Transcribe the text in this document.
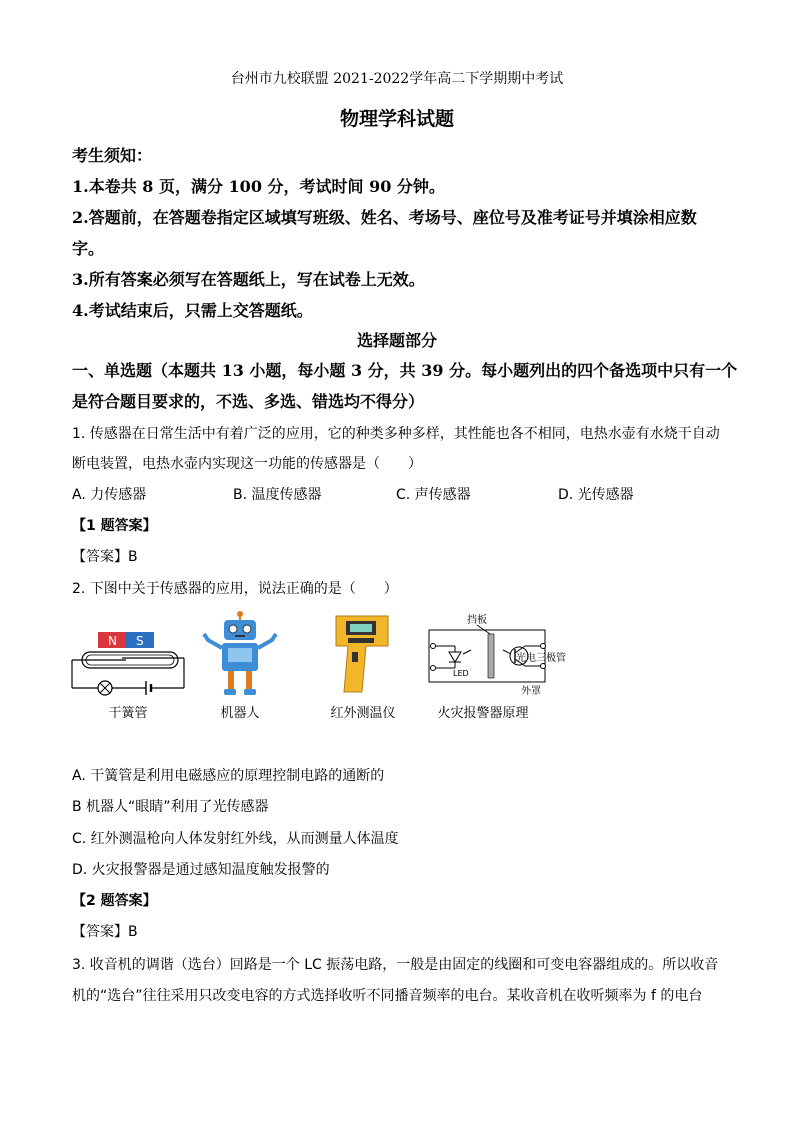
台州市九校联盟 2021-2022学年高二下学期期中考试
物理学科试题
考生须知：
1.本卷共 8 页，满分 100 分，考试时间 90 分钟。
2.答题前，在答题卷指定区域填写班级、姓名、考场号、座位号及准考证号并填涂相应数
字。
3.所有答案必须写在答题纸上，写在试卷上无效。
4.考试结束后，只需上交答题纸。
选择题部分
一、单选题（本题共 13 小题，每小题 3 分，共 39 分。每小题列出的四个备选项中只有一个
是符合题目要求的，不选、多选、错选均不得分）
1. 传感器在日常生活中有着广泛的应用，它的种类多种多样，其性能也各不相同，电热水壶有水烧干自动
断电装置，电热水壶内实现这一功能的传感器是（　　）
A. 力传感器	B. 温度传感器	C. 声传感器	D. 光传感器
【1 题答案】
【答案】B
2. 下图中关于传感器的应用，说法正确的是（　　）
N S
干簧管	机器人	红外测温仪
挡板
LED
外罩
光电三极管
火灾报警器原理
A. 干簧管是利用电磁感应的原理控制电路的通断的
B 机器人“眼睛”利用了光传感器
C. 红外测温枪向人体发射红外线，从而测量人体温度
D. 火灾报警器是通过感知温度触发报警的
【2 题答案】
【答案】B
3. 收音机的调谐（选台）回路是一个 LC 振荡电路，一般是由固定的线圈和可变电容器组成的。所以收音
机的“选台”往往采用只改变电容的方式选择收听不同播音频率的电台。某收音机在收听频率为 f 的电台
